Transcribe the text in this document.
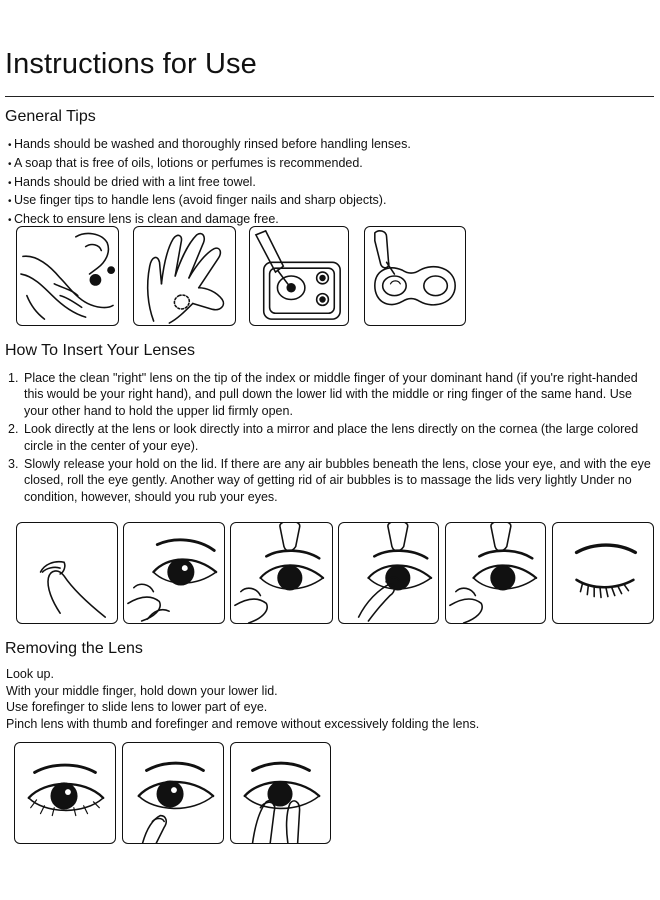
Instructions for Use
General Tips
• Hands should be washed and thoroughly rinsed before handling lenses.
• A soap that is free of oils, lotions or perfumes is recommended.
• Hands should be dried with a lint free towel.
• Use finger tips to handle lens (avoid finger nails and sharp objects).
• Check to ensure lens is clean and damage free.
How To Insert Your Lenses
1. Place the clean "right" lens on the tip of the index or middle finger of your dominant hand (if you're right-handed this would be your right hand), and pull down the lower lid with the middle or ring finger of the same hand. Use your other hand to hold the upper lid firmly open.
2. Look directly at the lens or look directly into a mirror and place the lens directly on the cornea (the large colored circle in the center of your eye).
3. Slowly release your hold on the lid. If there are any air bubbles beneath the lens, close your eye, and with the eye closed, roll the eye gently. Another way of getting rid of air bubbles is to massage the lids very lightly Under no condition, however, should you rub your eyes.
Removing the Lens
Look up.
With your middle finger, hold down your lower lid.
Use forefinger to slide lens to lower part of eye.
Pinch lens with thumb and forefinger and remove without excessively folding the lens.
